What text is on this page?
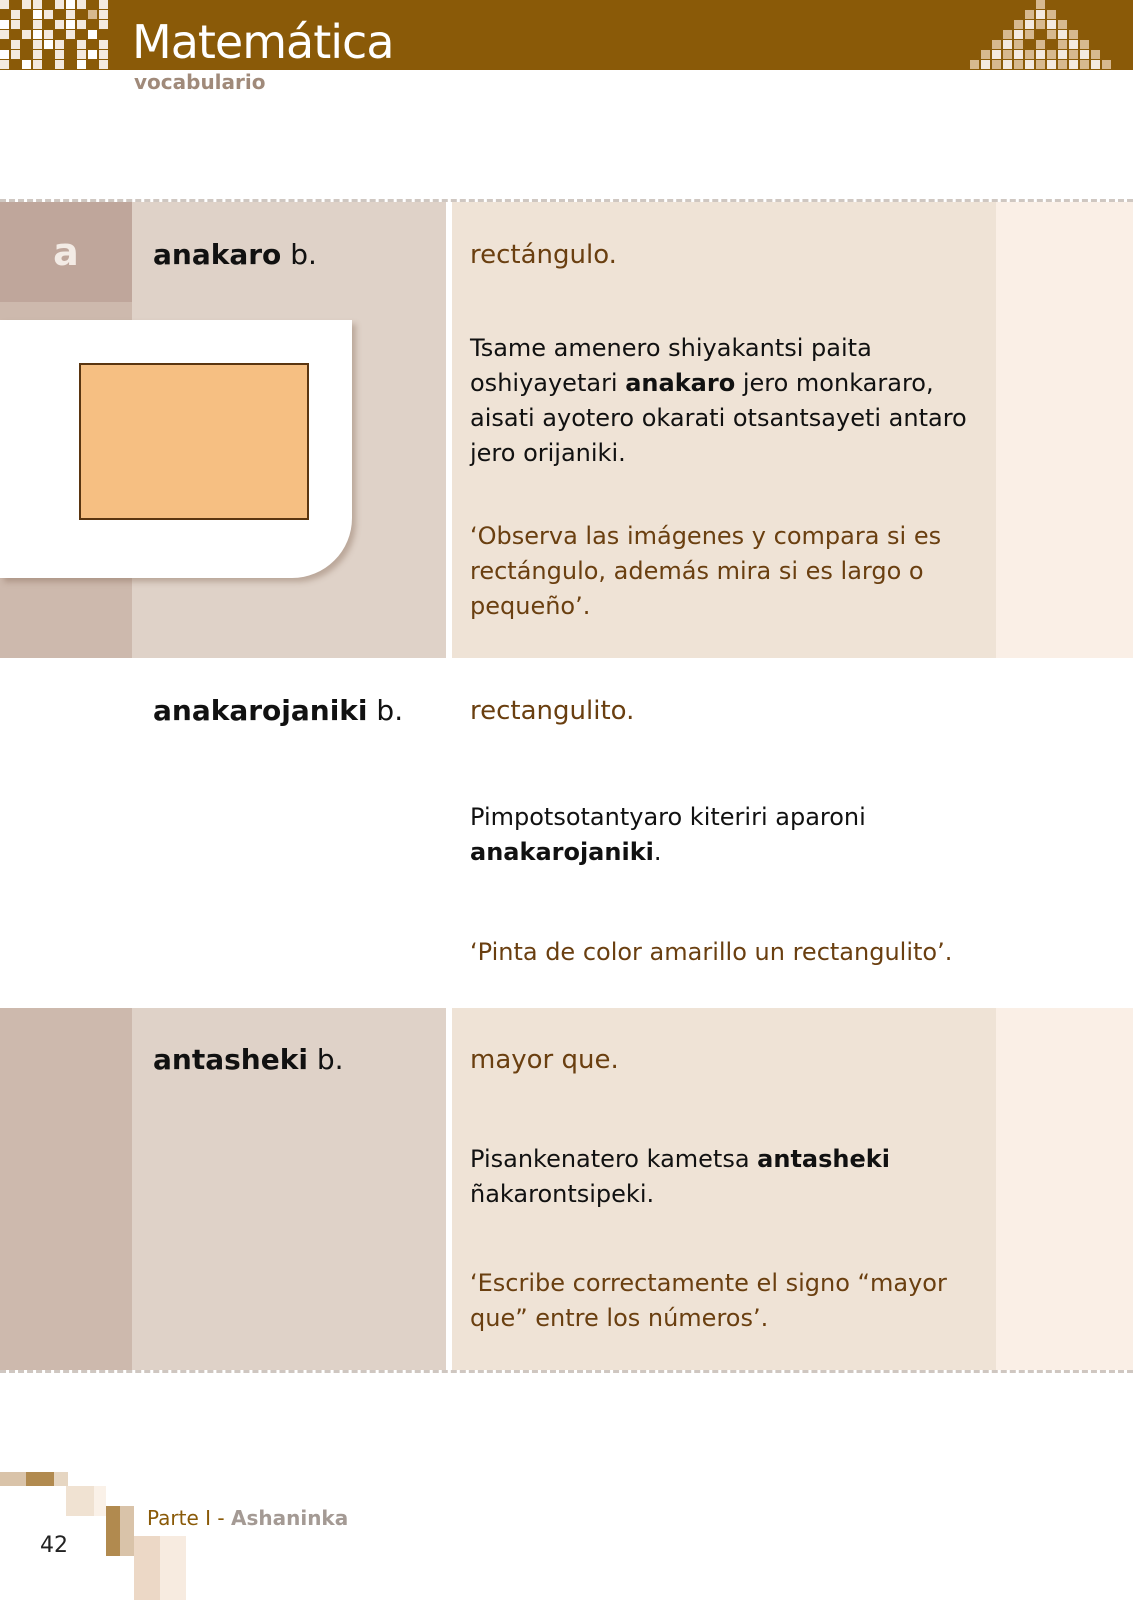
Matemática
vocabulario
a	anakaro b.	rectángulo.
Tsame amenero shiyakantsi paita oshiyayetari anakaro jero monkararo, aisati ayotero okarati otsantsayeti antaro jero orijaniki.
‘Observa las imágenes y compara si es rectángulo, además mira si es largo o pequeño’.
anakarojaniki b.	rectangulito.
Pimpotsotantyaro kiteriri aparoni
anakarojaniki.
‘Pinta de color amarillo un rectangulito’.
antasheki b.	mayor que.
Pisankenatero kametsa antasheki
ñakarontsipeki.
‘Escribe correctamente el signo “mayor que” entre los números’.
42
Parte I - Ashaninka
